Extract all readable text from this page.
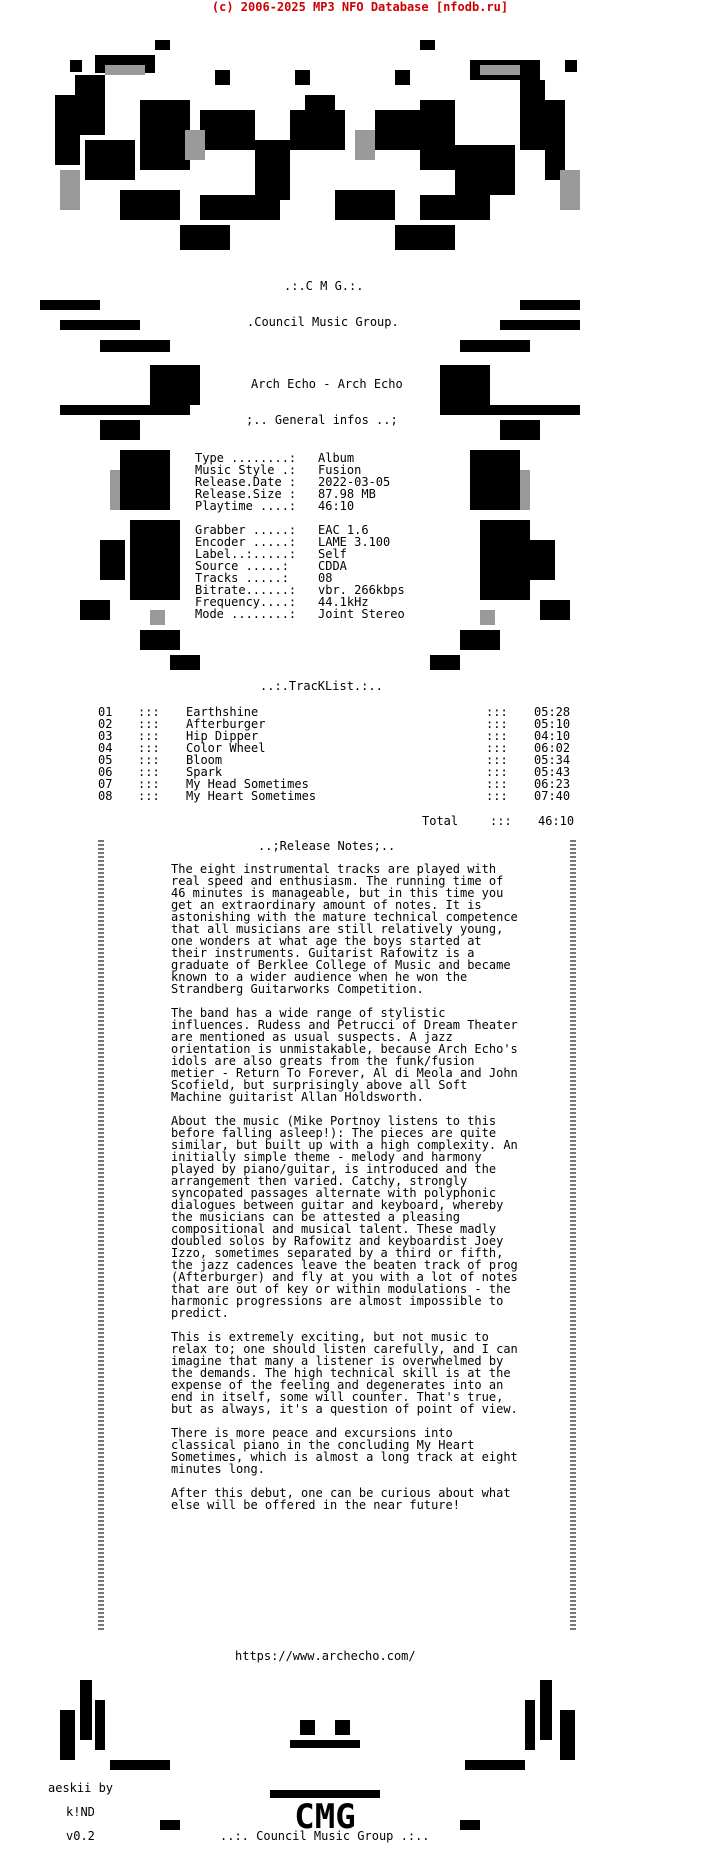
(c) 2006-2025 MP3 NFO Database [nfodb.ru]
CMG
.:.C M G.:.
.Council Music Group.
Arch Echo - Arch Echo
;.. General infos ..;
Type ........:	Album
Music Style .:	Fusion
Release.Date :	2022-03-05
Release.Size :	87.98 MB
Playtime ....:	46:10
Grabber .....:	EAC 1.6
Encoder .....:	LAME 3.100
Label..:.....:	Self
Source .....:	CDDA
Tracks .....:	08
Bitrate......:	vbr. 266kbps
Frequency....:	44.1kHz
Mode ........:	Joint Stereo
..:.TracKList.:..
01 ::: Earthshine	::: 05:28
02 ::: Afterburger	::: 05:10
03 ::: Hip Dipper	::: 04:10
04 ::: Color Wheel	::: 06:02
05 ::: Bloom	::: 05:34
06 ::: Spark	::: 05:43
07 ::: My Head Sometimes	::: 06:23
08 ::: My Heart Sometimes	::: 07:40
Total	::: 46:10
..;Release Notes;..

The eight instrumental tracks are played with real speed and enthusiasm. The running time of 46 minutes is manageable, but in this time you get an extraordinary amount of notes. It is astonishing with the mature technical competence that all musicians are still relatively young, one wonders at what age the boys started at their instruments. Guitarist Rafowitz is a graduate of Berklee College of Music and became known to a wider audience when he won the Strandberg Guitarworks Competition.

The band has a wide range of stylistic influences. Rudess and Petrucci of Dream Theater are mentioned as usual suspects. A jazz orientation is unmistakable, because Arch Echo's idols are also greats from the funk/fusion metier - Return To Forever, Al di Meola and John Scofield, but surprisingly above all Soft Machine guitarist Allan Holdsworth.

About the music (Mike Portnoy listens to this before falling asleep!): The pieces are quite similar, but built up with a high complexity. An initially simple theme - melody and harmony played by piano/guitar, is introduced and the arrangement then varied. Catchy, strongly syncopated passages alternate with polyphonic dialogues between guitar and keyboard, whereby the musicians can be attested a pleasing compositional and musical talent. These madly doubled solos by Rafowitz and keyboardist Joey Izzo, sometimes separated by a third or fifth, the jazz cadences leave the beaten track of prog (Afterburger) and fly at you with a lot of notes that are out of key or within modulations - the harmonic progressions are almost impossible to predict.

This is extremely exciting, but not music to relax to; one should listen carefully, and I can imagine that many a listener is overwhelmed by the demands. The high technical skill is at the expense of the feeling and degenerates into an end in itself, some will counter. That's true, but as always, it's a question of point of view.

There is more peace and excursions into classical piano in the concluding My Heart Sometimes, which is almost a long track at eight minutes long.

After this debut, one can be curious about what else will be offered in the near future!

https://www.archecho.com/
aeskii by
k!ND
v0.2	..:. Council Music Group .:..
